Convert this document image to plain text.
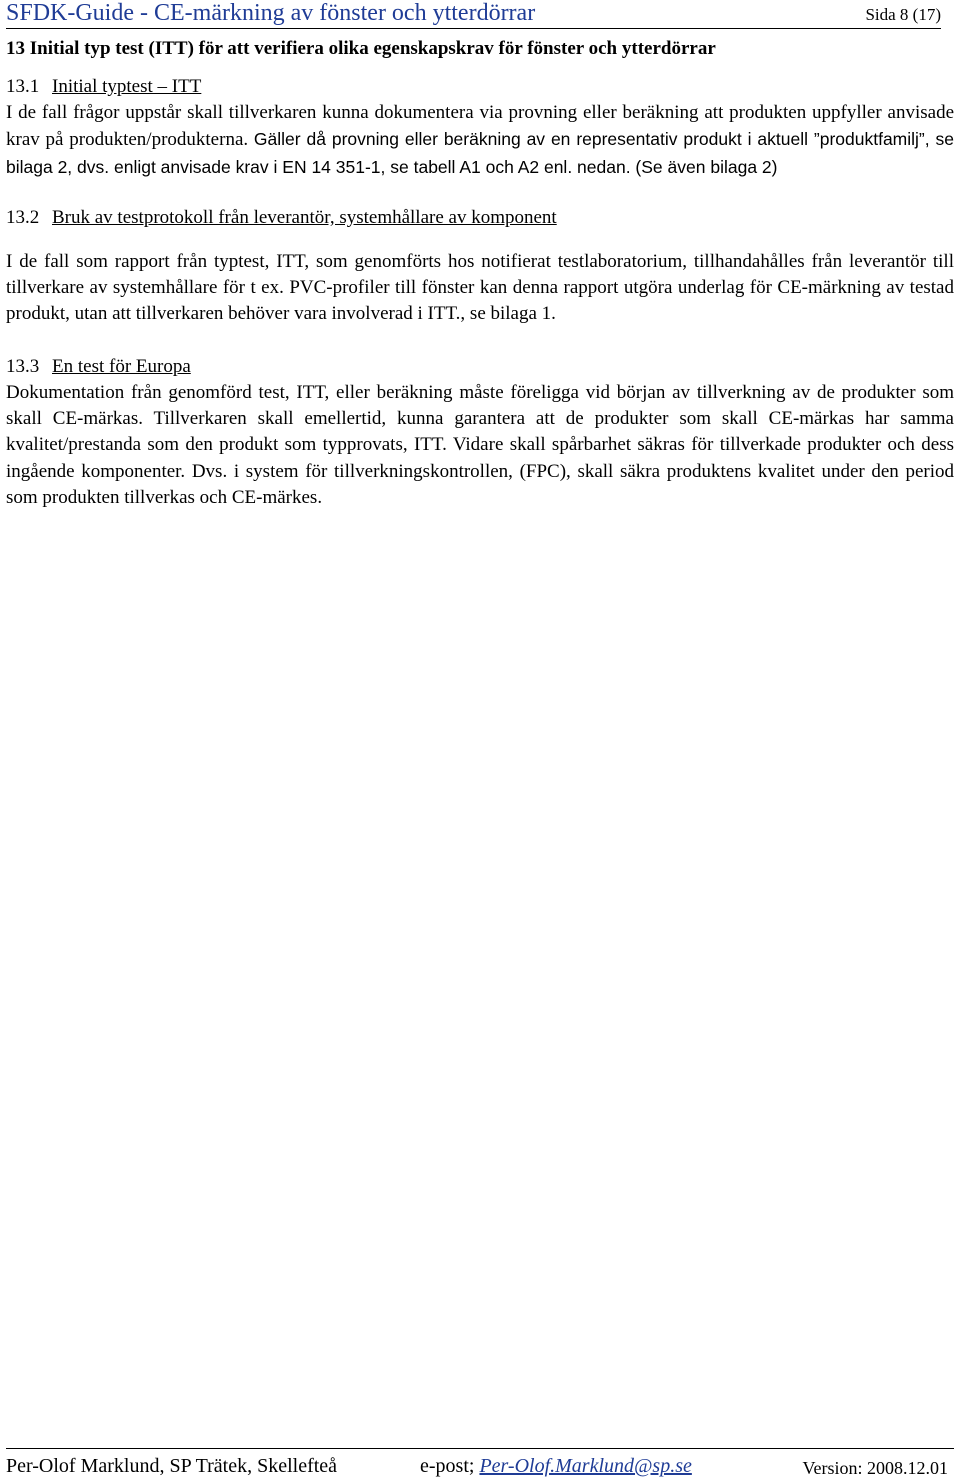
SFDK-Guide - CE-märkning av fönster och ytterdörrar	Sida 8 (17)
13 Initial typ test (ITT) för att verifiera olika egenskapskrav för fönster och ytterdörrar
13.1 Initial typtest – ITT

I de fall frågor uppstår skall tillverkaren kunna dokumentera via provning eller beräkning att produkten uppfyller anvisade krav på produkten/produkterna. Gäller då provning eller beräkning av en representativ produkt i aktuell ”produktfamilj”, se bilaga 2, dvs. enligt anvisade krav i EN 14 351-1, se tabell A1 och A2 enl. nedan. (Se även bilaga 2)

13.2 Bruk av testprotokoll från leverantör, systemhållare av komponent

I de fall som rapport från typtest, ITT, som genomförts hos notifierat testlaboratorium, tillhandahålles från leverantör till tillverkare av systemhållare för t ex. PVC-profiler till fönster kan denna rapport utgöra underlag för CE-märkning av testad produkt, utan att tillverkaren behöver vara involverad i ITT., se bilaga 1.

13.3 En test för Europa

Dokumentation från genomförd test, ITT, eller beräkning måste föreligga vid början av tillverkning av de produkter som skall CE-märkas. Tillverkaren skall emellertid, kunna garantera att de produkter som skall CE-märkas har samma kvalitet/prestanda som den produkt som typprovats, ITT. Vidare skall spårbarhet säkras för tillverkade produkter och dess ingående komponenter. Dvs. i system för tillverkningskontrollen, (FPC), skall säkra produktens kvalitet under den period som produkten tillverkas och CE-märkes.

Per-Olof Marklund, SP Trätek, Skellefteå	e-post; Per-Olof.Marklund@sp.se	Version: 2008.12.01
